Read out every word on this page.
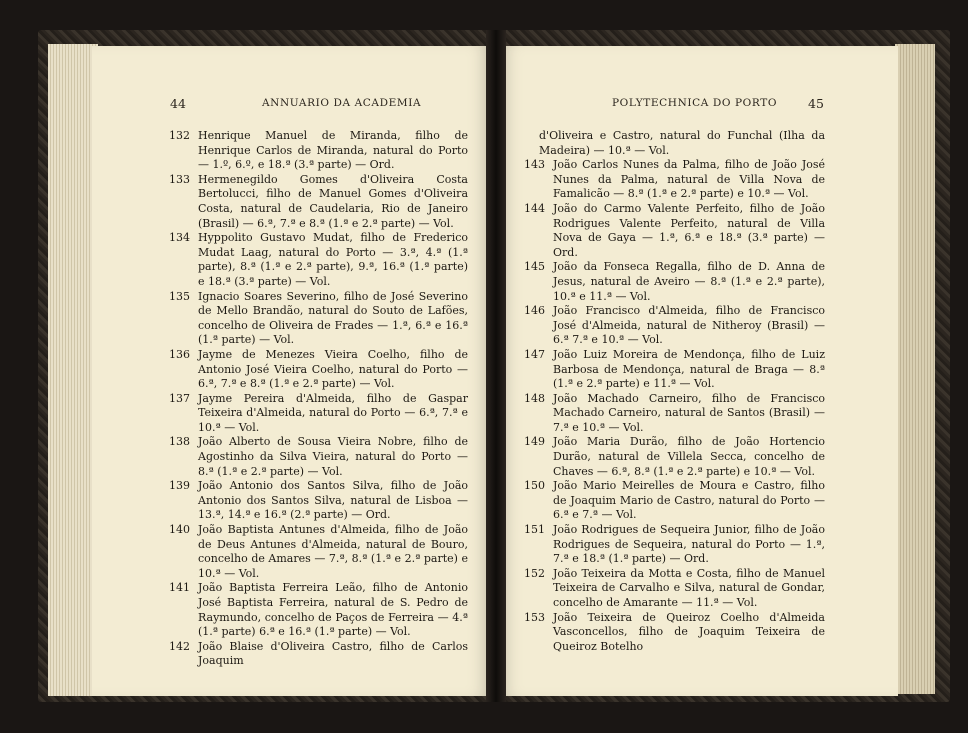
44	ANNUARIO DA ACADEMIA	POLYTECHNICA DO PORTO 45
132 Henrique Manuel de Miranda, filho de Henrique Carlos de Miranda, natural do Porto — 1.º, 6.º, e 18.ª (3.ª parte) — Ord.
133 Hermenegildo Gomes d'Oliveira Costa Bertolucci, filho de Manuel Gomes d'Oliveira Costa, natural de Caudelaria, Rio de Janeiro (Brasil) — 6.ª, 7.ª e 8.ª (1.ª e 2.ª parte) — Vol.
134 Hyppolito Gustavo Mudat, filho de Frederico Mudat Laag, natural do Porto — 3.ª, 4.ª (1.ª parte), 8.ª (1.ª e 2.ª parte), 9.ª, 16.ª (1.ª parte) e 18.ª (3.ª parte) — Vol.
135 Ignacio Soares Severino, filho de José Severino de Mello Brandão, natural do Souto de Lafões, concelho de Oliveira de Frades — 1.ª, 6.ª e 16.ª (1.ª parte) — Vol.
136 Jayme de Menezes Vieira Coelho, filho de Antonio José Vieira Coelho, natural do Porto — 6.ª, 7.ª e 8.ª (1.ª e 2.ª parte) — Vol.
137 Jayme Pereira d'Almeida, filho de Gaspar Teixeira d'Almeida, natural do Porto — 6.ª, 7.ª e 10.ª — Vol.
138 João Alberto de Sousa Vieira Nobre, filho de Agostinho da Silva Vieira, natural do Porto — 8.ª (1.ª e 2.ª parte) — Vol.
139 João Antonio dos Santos Silva, filho de João Antonio dos Santos Silva, natural de Lisboa — 13.ª, 14.ª e 16.ª (2.ª parte) — Ord.
140 João Baptista Antunes d'Almeida, filho de João de Deus Antunes d'Almeida, natural de Bouro, concelho de Amares — 7.ª, 8.ª (1.ª e 2.ª parte) e 10.ª — Vol.
141 João Baptista Ferreira Leão, filho de Antonio José Baptista Ferreira, natural de S. Pedro de Raymundo, concelho de Paços de Ferreira — 4.ª (1.ª parte) 6.ª e 16.ª (1.ª parte) — Vol.
142 João Blaise d'Oliveira Castro, filho de Carlos Joaquim
d'Oliveira e Castro, natural do Funchal (Ilha da Madeira) — 10.ª — Vol.
143 João Carlos Nunes da Palma, filho de João José Nunes da Palma, natural de Villa Nova de Famalicão — 8.ª (1.ª e 2.ª parte) e 10.ª — Vol.
144 João do Carmo Valente Perfeito, filho de João Rodrigues Valente Perfeito, natural de Villa Nova de Gaya — 1.ª, 6.ª e 18.ª (3.ª parte) — Ord.
145 João da Fonseca Regalla, filho de D. Anna de Jesus, natural de Aveiro — 8.ª (1.ª e 2.ª parte), 10.ª e 11.ª — Vol.
146 João Francisco d'Almeida, filho de Francisco José d'Almeida, natural de Nitheroy (Brasil) — 6.ª 7.ª e 10.ª — Vol.
147 João Luiz Moreira de Mendonça, filho de Luiz Barbosa de Mendonça, natural de Braga — 8.ª (1.ª e 2.ª parte) e 11.ª — Vol.
148 João Machado Carneiro, filho de Francisco Machado Carneiro, natural de Santos (Brasil) — 7.ª e 10.ª — Vol.
149 João Maria Durão, filho de João Hortencio Durão, natural de Villela Secca, concelho de Chaves — 6.ª, 8.ª (1.ª e 2.ª parte) e 10.ª — Vol.
150 João Mario Meirelles de Moura e Castro, filho de Joaquim Mario de Castro, natural do Porto — 6.ª e 7.ª — Vol.
151 João Rodrigues de Sequeira Junior, filho de João Rodrigues de Sequeira, natural do Porto — 1.ª, 7.ª e 18.ª (1.ª parte) — Ord.
152 João Teixeira da Motta e Costa, filho de Manuel Teixeira de Carvalho e Silva, natural de Gondar, concelho de Amarante — 11.ª — Vol.
153 João Teixeira de Queiroz Coelho d'Almeida Vasconcellos, filho de Joaquim Teixeira de Queiroz Botelho
